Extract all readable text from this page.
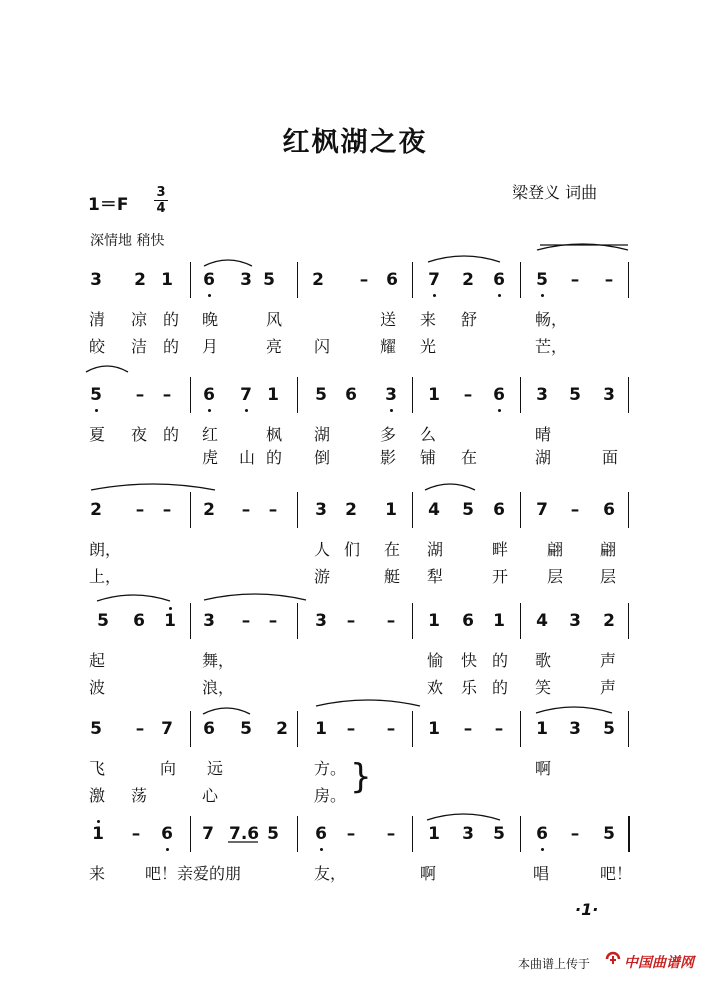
红枫湖之夜
梁登义 词曲
1＝F
3
4
深情地 稍快
3 2 1 6 3 5 2 – 6 7 2 6 5 – –
清 凉 的 晚	风	送 来 舒	畅，
皎 洁 的 月	亮 闪	耀 光	芒，
5 – – 6 7 1 5 6 3 1 – 6 3 5 3
夏 夜 的 红	枫 湖	多 么	晴
虎 山 的 倒	影 铺 在	湖	面
2 – – 2 – – 3 2 1 4 5 6 7 – 6
朗，	人 们 在 湖	畔 翩 翩
上，	游	艇 犁	开 层 层
5 6 1 3 – – 3 – – 1 6 1 4 3 2
起	舞，	愉 快 的 歌	声
波	浪，	欢 乐 的 笑	声
5 – 7 6 5 2 1 – – 1 – – 1 3 5
飞	向 远	方。	啊
激 荡	心	房。 }
1 – 6 7 7.6 5 6 – – 1 3 5 6 – 5
来 吧！亲爱的朋	友，	啊	唱	吧！
·1·
本曲谱上传于 中国曲谱网
